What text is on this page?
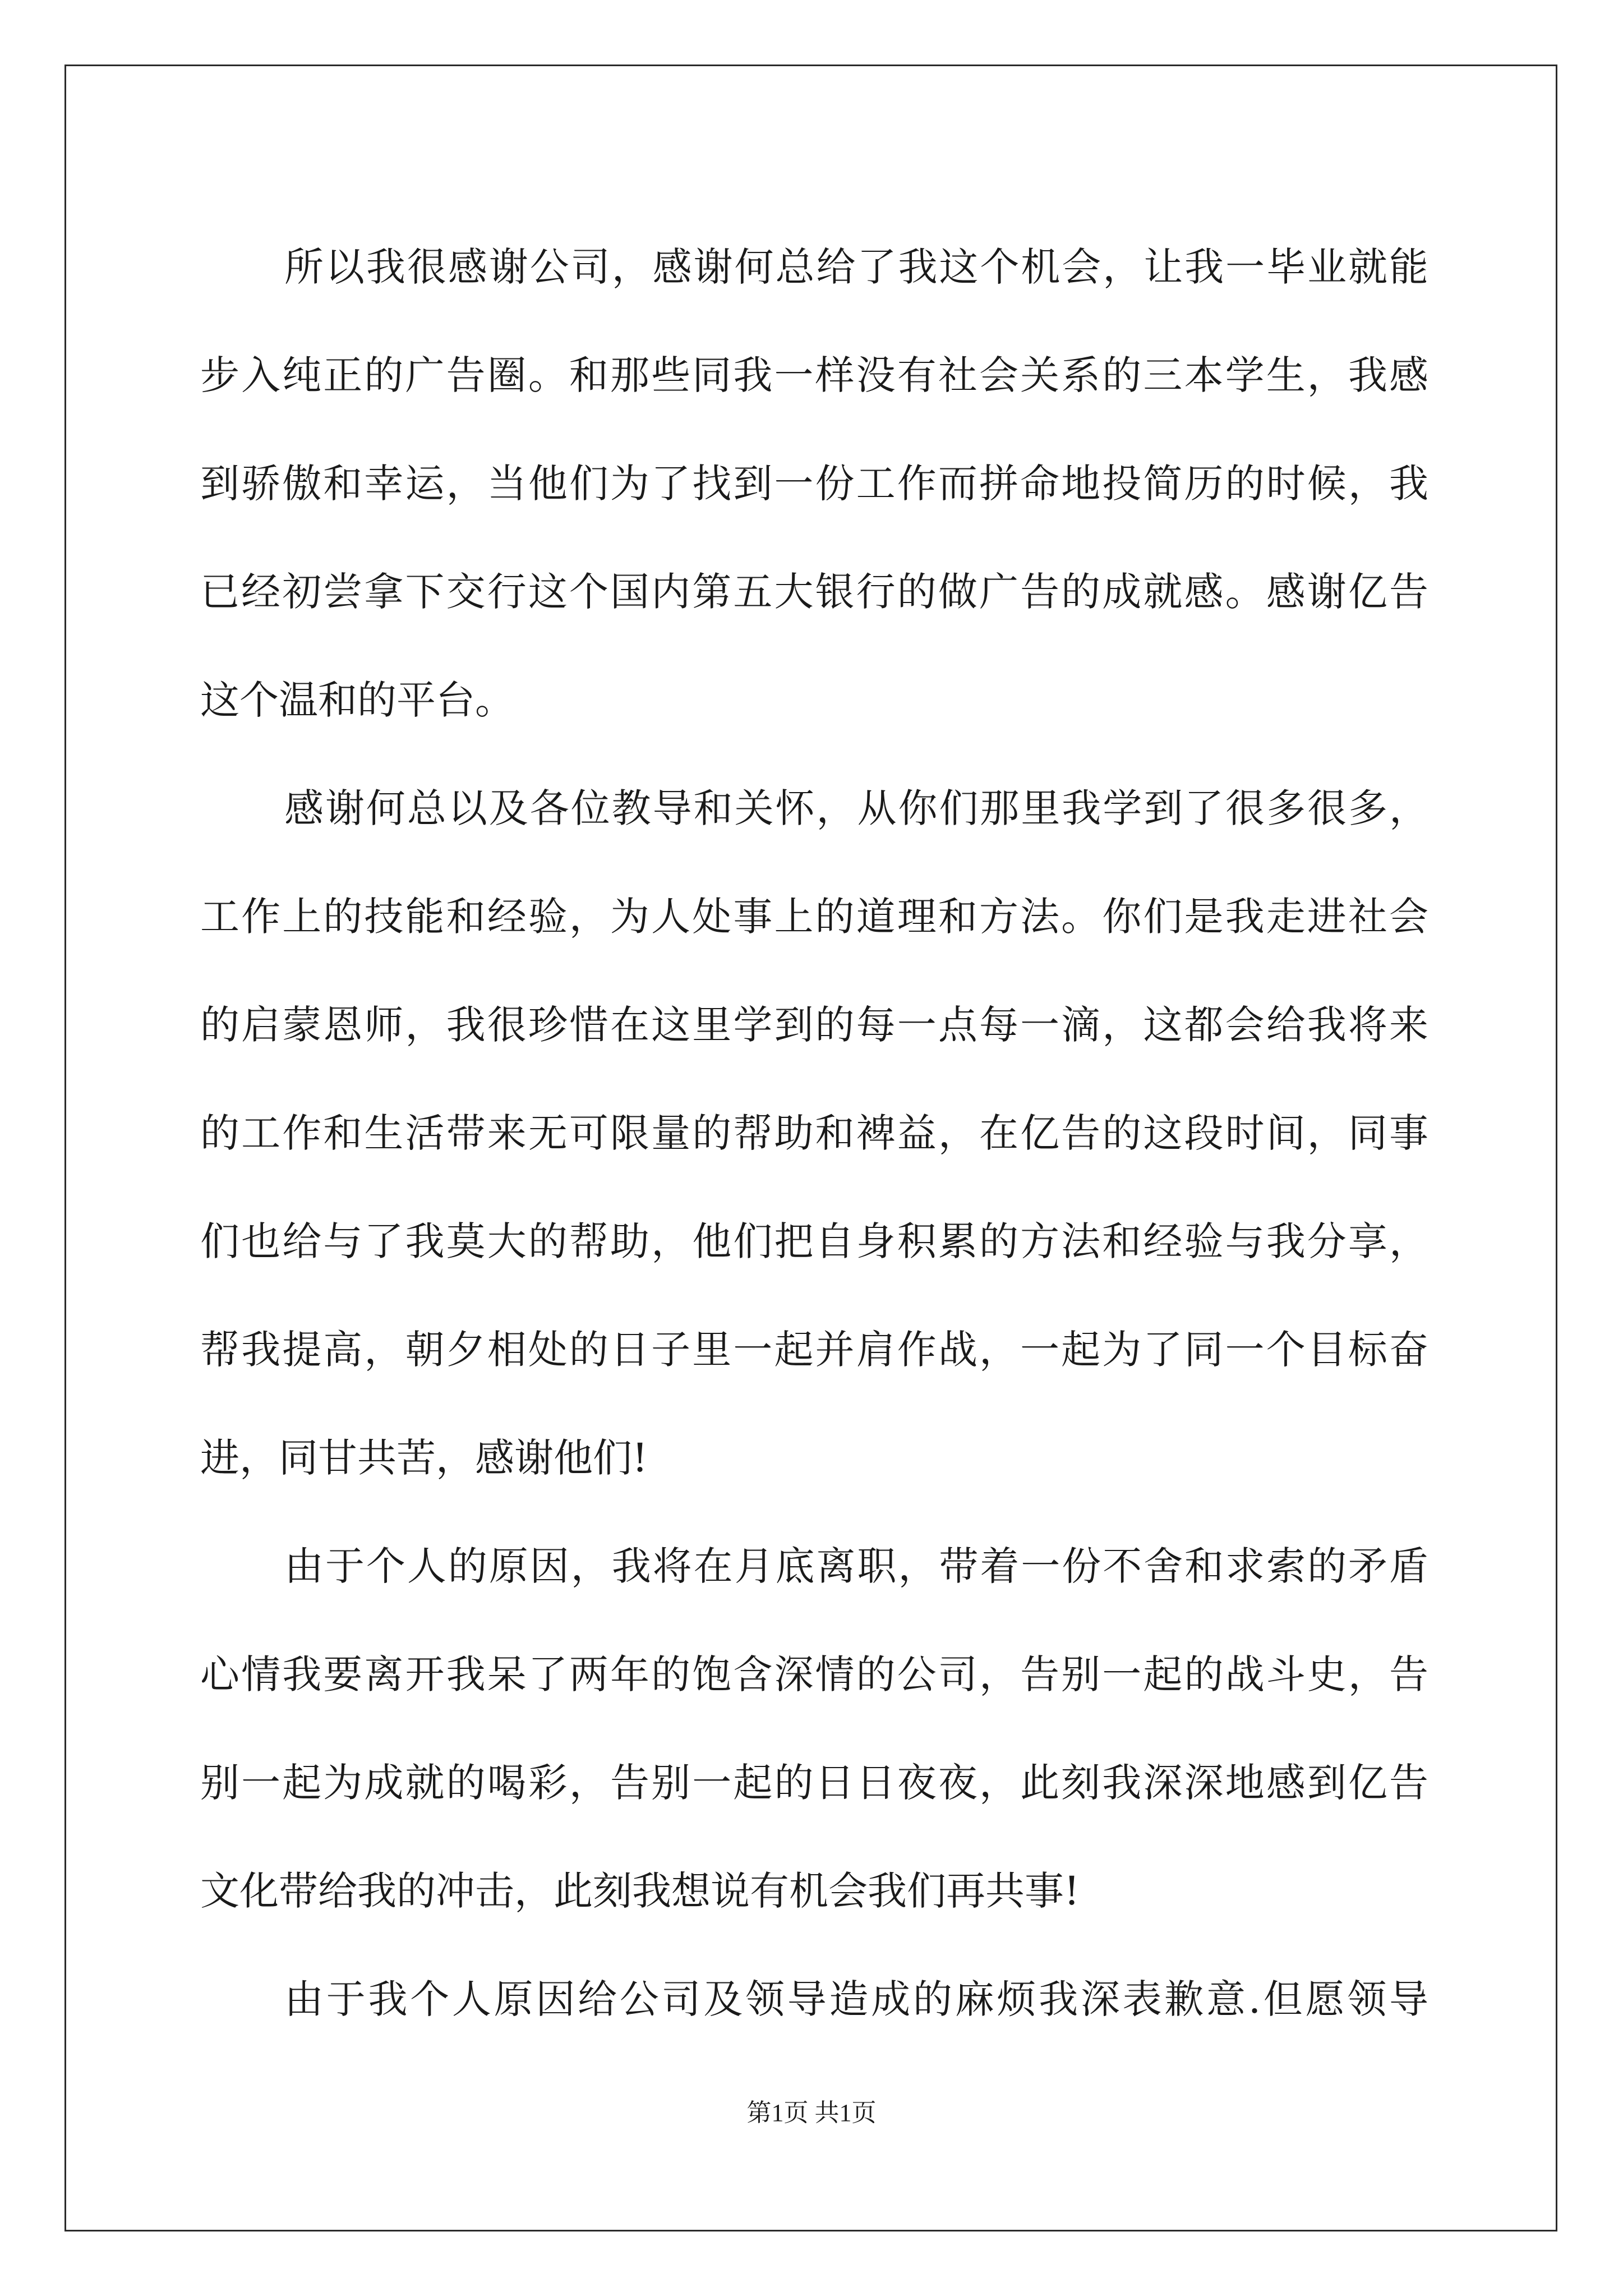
所以我很感谢公司，感谢何总给了我这个机会，让我一毕业就能
步入纯正的广告圈。和那些同我一样没有社会关系的三本学生，我感
到骄傲和幸运，当他们为了找到一份工作而拼命地投简历的时候，我
已经初尝拿下交行这个国内第五大银行的做广告的成就感。感谢亿告
这个温和的平台。
感谢何总以及各位教导和关怀，从你们那里我学到了很多很多，
工作上的技能和经验，为人处事上的道理和方法。你们是我走进社会
的启蒙恩师，我很珍惜在这里学到的每一点每一滴，这都会给我将来
的工作和生活带来无可限量的帮助和裨益，在亿告的这段时间，同事
们也给与了我莫大的帮助，他们把自身积累的方法和经验与我分享，
帮我提高，朝夕相处的日子里一起并肩作战，一起为了同一个目标奋
进，同甘共苦，感谢他们!
由于个人的原因，我将在月底离职，带着一份不舍和求索的矛盾
心情我要离开我呆了两年的饱含深情的公司，告别一起的战斗史，告
别一起为成就的喝彩，告别一起的日日夜夜，此刻我深深地感到亿告
文化带给我的冲击，此刻我想说有机会我们再共事!
由于我个人原因给公司及领导造成的麻烦我深表歉意.但愿领导
第1页 共1页
